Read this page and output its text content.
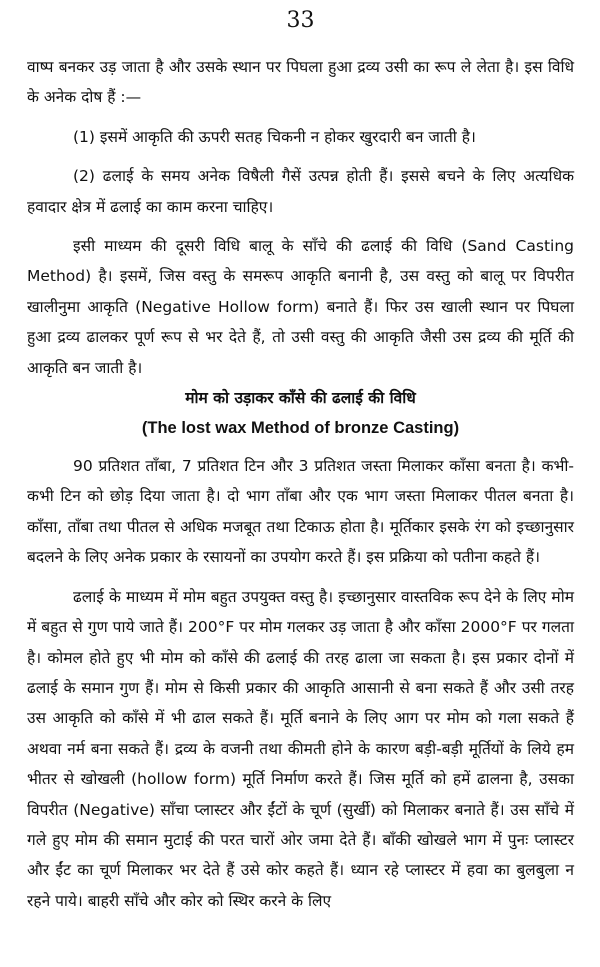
33

वाष्प बनकर उड़ जाता है और उसके स्थान पर पिघला हुआ द्रव्य उसी का रूप ले लेता है। इस विधि के अनेक दोष हैं :—

(1) इसमें आकृति की ऊपरी सतह चिकनी न होकर खुरदारी बन जाती है।

(2) ढलाई के समय अनेक विषैली गैसें उत्पन्न होती हैं। इससे बचने के लिए अत्यधिक हवादार क्षेत्र में ढलाई का काम करना चाहिए।

इसी माध्यम की दूसरी विधि बालू के साँचे की ढलाई की विधि (Sand Casting Method) है। इसमें, जिस वस्तु के समरूप आकृति बनानी है, उस वस्तु को बालू पर विपरीत खालीनुमा आकृति (Negative Hollow form) बनाते हैं। फिर उस खाली स्थान पर पिघला हुआ द्रव्य ढालकर पूर्ण रूप से भर देते हैं, तो उसी वस्तु की आकृति जैसी उस द्रव्य की मूर्ति की आकृति बन जाती है।

मोम को उड़ाकर काँसे की ढलाई की विधि
(The lost wax Method of bronze Casting)

90 प्रतिशत ताँबा, 7 प्रतिशत टिन और 3 प्रतिशत जस्ता मिलाकर काँसा बनता है। कभी-कभी टिन को छोड़ दिया जाता है। दो भाग ताँबा और एक भाग जस्ता मिलाकर पीतल बनता है। काँसा, ताँबा तथा पीतल से अधिक मजबूत तथा टिकाऊ होता है। मूर्तिकार इसके रंग को इच्छानुसार बदलने के लिए अनेक प्रकार के रसायनों का उपयोग करते हैं। इस प्रक्रिया को पतीना कहते हैं।

ढलाई के माध्यम में मोम बहुत उपयुक्त वस्तु है। इच्छानुसार वास्तविक रूप देने के लिए मोम में बहुत से गुण पाये जाते हैं। 200°F पर मोम गलकर उड़ जाता है और काँसा 2000°F पर गलता है। कोमल होते हुए भी मोम को काँसे की ढलाई की तरह ढाला जा सकता है। इस प्रकार दोनों में ढलाई के समान गुण हैं। मोम से किसी प्रकार की आकृति आसानी से बना सकते हैं और उसी तरह उस आकृति को काँसे में भी ढाल सकते हैं। मूर्ति बनाने के लिए आग पर मोम को गला सकते हैं अथवा नर्म बना सकते हैं। द्रव्य के वजनी तथा कीमती होने के कारण बड़ी-बड़ी मूर्तियों के लिये हम भीतर से खोखली (hollow form) मूर्ति निर्माण करते हैं। जिस मूर्ति को हमें ढालना है, उसका विपरीत (Negative) साँचा प्लास्टर और ईंटों के चूर्ण (सुर्खी) को मिलाकर बनाते हैं। उस साँचे में गले हुए मोम की समान मुटाई की परत चारों ओर जमा देते हैं। बाँकी खोखले भाग में पुनः प्लास्टर और ईंट का चूर्ण मिलाकर भर देते हैं उसे कोर कहते हैं। ध्यान रहे प्लास्टर में हवा का बुलबुला न रहने पाये। बाहरी साँचे और कोर को स्थिर करने के लिए
